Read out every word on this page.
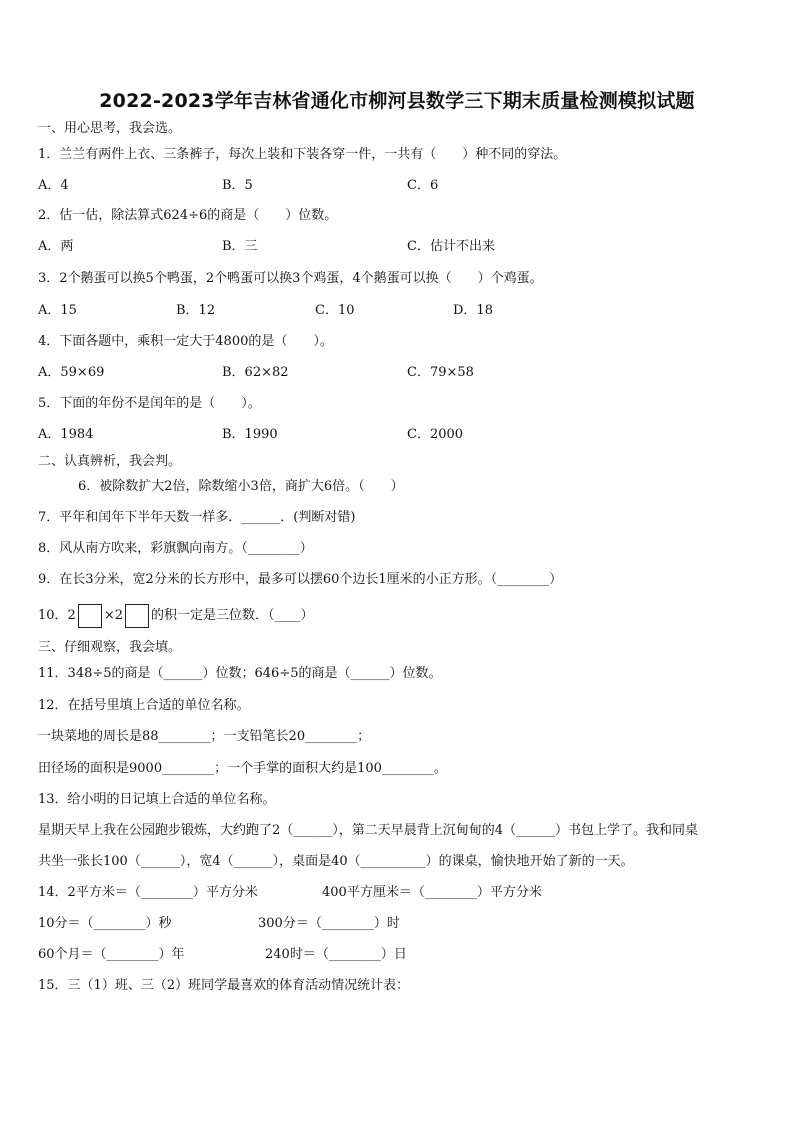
2022-2023学年吉林省通化市柳河县数学三下期末质量检测模拟试题
一、用心思考，我会选。
1．兰兰有两件上衣、三条裤子，每次上装和下装各穿一件，一共有（　　）种不同的穿法。
A．4	B．5	C．6
2．估一估，除法算式624÷6的商是（　　）位数。
A．两	B．三	C．估计不出来
3．2个鹅蛋可以换5个鸭蛋，2个鸭蛋可以换3个鸡蛋，4个鹅蛋可以换（　　）个鸡蛋。
A．15	B．12	C．10	D．18
4．下面各题中，乘积一定大于4800的是（　　）。
A．59×69	B．62×82	C．79×58
5．下面的年份不是闰年的是（　　）。
A．1984	B．1990	C．2000
二、认真辨析，我会判。
6．被除数扩大2倍，除数缩小3倍，商扩大6倍。（　　）
7．平年和闰年下半年天数一样多．______．(判断对错)
8．风从南方吹来，彩旗飘向南方。（________）
9．在长3分米，宽2分米的长方形中，最多可以摆60个边长1厘米的小正方形。（________）
10．2 ×2 的积一定是三位数．（____）
三、仔细观察，我会填。
11．348÷5的商是（______）位数；646÷5的商是（______）位数。
12．在括号里填上合适的单位名称。
一块菜地的周长是88________；一支铅笔长20________；
田径场的面积是9000________；一个手掌的面积大约是100________。
13．给小明的日记填上合适的单位名称。
星期天早上我在公园跑步锻炼，大约跑了2（______），第二天早晨背上沉甸甸的4（______）书包上学了。我和同桌
共坐一张长100（______），宽4（______），桌面是40（__________）的课桌，愉快地开始了新的一天。
14．2平方米＝（________）平方分米	400平方厘米＝（________）平方分米
10分＝（________）秒	300分＝（________）时
60个月＝（________）年	240时＝（________）日
15．三（1）班、三（2）班同学最喜欢的体育活动情况统计表：
